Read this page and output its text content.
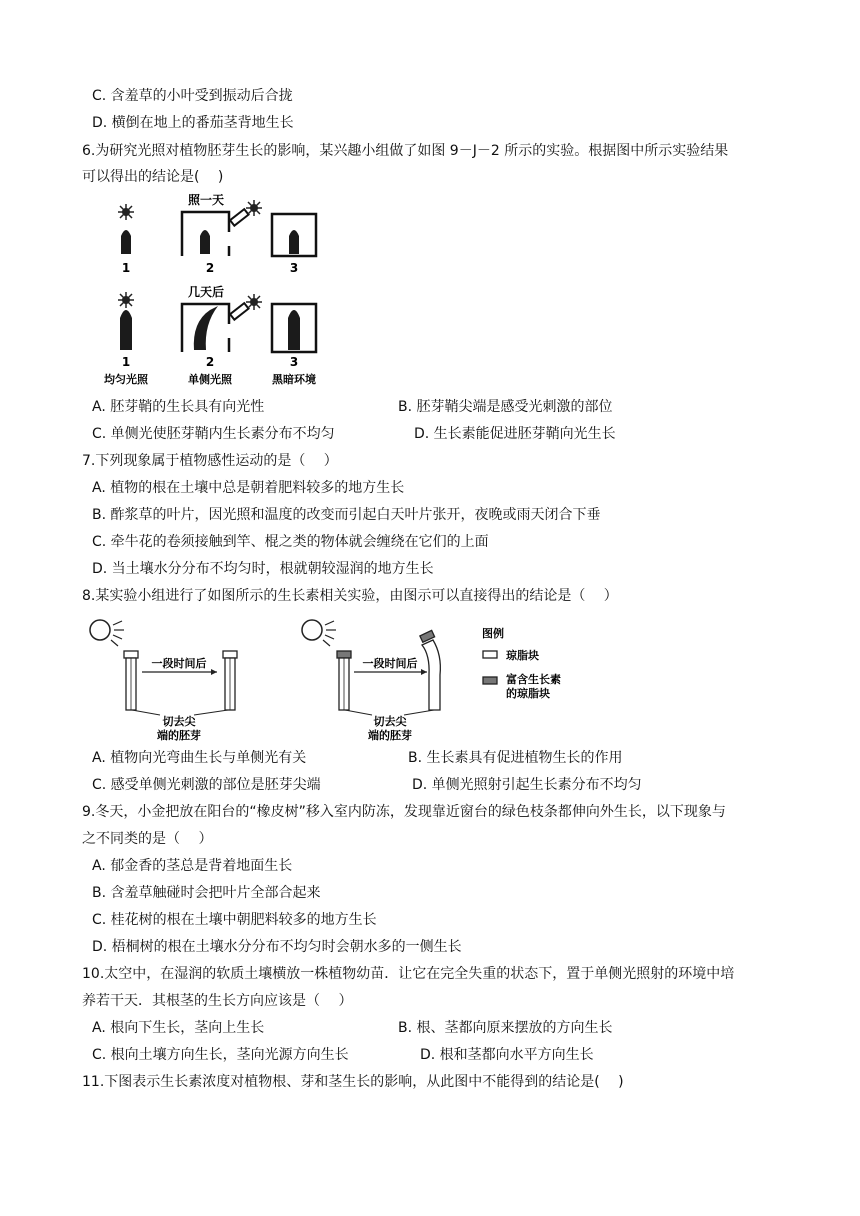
C. 含羞草的小叶受到振动后合拢
D. 横倒在地上的番茄茎背地生长
6.为研究光照对植物胚芽生长的影响，某兴趣小组做了如图 9－J－2 所示的实验。根据图中所示实验结果
可以得出的结论是(　 )
1
照一天
2	3
1
均匀光照
几天后
2
单侧光照
3
黑暗环境
A. 胚芽鞘的生长具有向光性	B. 胚芽鞘尖端是感受光刺激的部位
C. 单侧光使胚芽鞘内生长素分布不均匀	D. 生长素能促进胚芽鞘向光生长
7.下列现象属于植物感性运动的是（　 ）
A. 植物的根在土壤中总是朝着肥料较多的地方生长
B. 酢浆草的叶片，因光照和温度的改变而引起白天叶片张开，夜晚或雨天闭合下垂
C. 牵牛花的卷须接触到竿、棍之类的物体就会缠绕在它们的上面
D. 当土壤水分分布不均匀时，根就朝较湿润的地方生长
8.某实验小组进行了如图所示的生长素相关实验，由图示可以直接得出的结论是（　 ）
一段时间后
切去尖
端的胚芽
一段时间后
切去尖
端的胚芽
图例
琼脂块
富含生长素
的琼脂块
A. 植物向光弯曲生长与单侧光有关	B. 生长素具有促进植物生长的作用
C. 感受单侧光刺激的部位是胚芽尖端	D. 单侧光照射引起生长素分布不均匀
9.冬天，小金把放在阳台的“橡皮树”移入室内防冻，发现靠近窗台的绿色枝条都伸向外生长，以下现象与
之不同类的是（　 ）
A. 郁金香的茎总是背着地面生长
B. 含羞草触碰时会把叶片全部合起来
C. 桂花树的根在土壤中朝肥料较多的地方生长
D. 梧桐树的根在土壤水分分布不均匀时会朝水多的一侧生长
10.太空中，在湿润的软质土壤横放一株植物幼苗．让它在完全失重的状态下，置于单侧光照射的环境中培
养若干天．其根茎的生长方向应该是（　 ）
A. 根向下生长，茎向上生长	B. 根、茎都向原来摆放的方向生长
C. 根向土壤方向生长，茎向光源方向生长	D. 根和茎都向水平方向生长
11.下图表示生长素浓度对植物根、芽和茎生长的影响，从此图中不能得到的结论是(　 )
